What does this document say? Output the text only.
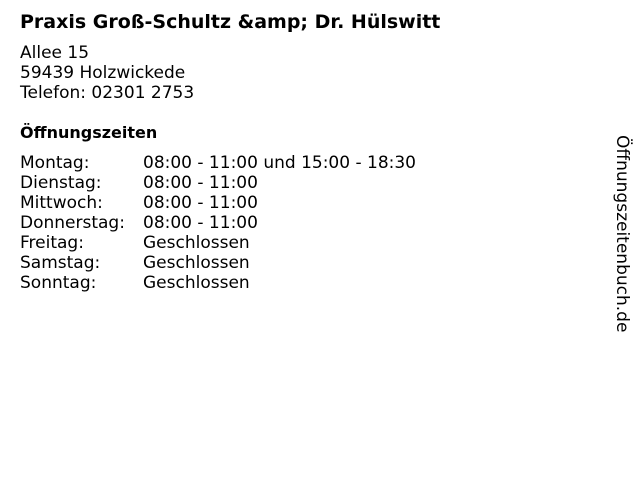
Praxis Groß-Schultz &amp; Dr. Hülswitt
Allee 15
59439 Holzwickede
Telefon: 02301 2753
Öffnungszeiten
Montag:	08:00 - 11:00 und 15:00 - 18:30
Dienstag:	08:00 - 11:00
Mittwoch:	08:00 - 11:00
Donnerstag:	08:00 - 11:00
Freitag:	Geschlossen
Samstag:	Geschlossen
Sonntag:	Geschlossen	Öffnungszeitenbuch.de
